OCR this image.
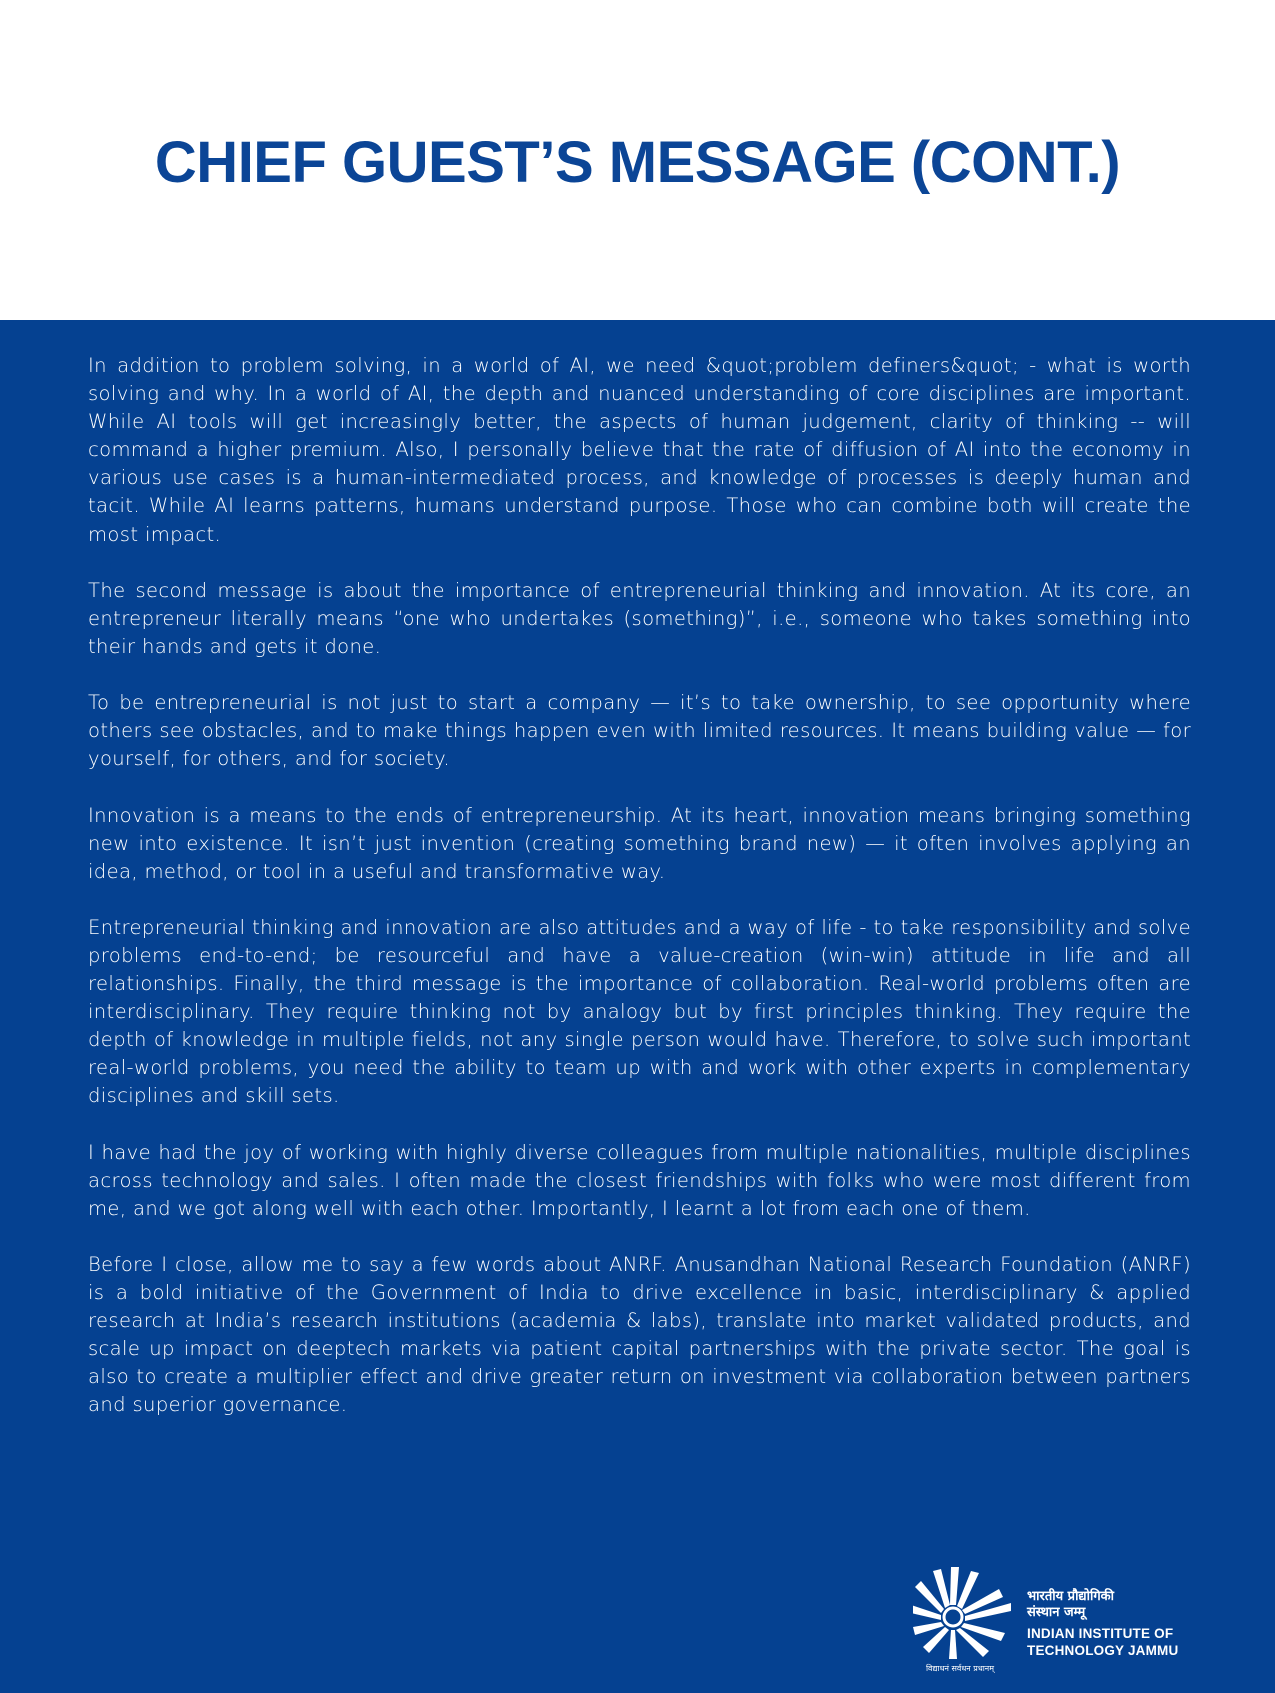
CHIEF GUEST’S MESSAGE (CONT.)

In addition to problem solving, in a world of AI, we need &quot;problem definers&quot; - what is worth solving and why. In a world of AI, the depth and nuanced understanding of core disciplines are important. While AI tools will get increasingly better, the aspects of human judgement, clarity of thinking -- will command a higher premium. Also, I personally believe that the rate of diffusion of AI into the economy in various use cases is a human-intermediated process, and knowledge of processes is deeply human and tacit. While AI learns patterns, humans understand purpose. Those who can combine both will create the most impact.

The second message is about the importance of entrepreneurial thinking and innovation. At its core, an entrepreneur literally means “one who undertakes (something)”, i.e., someone who takes something into their hands and gets it done.

To be entrepreneurial is not just to start a company — it’s to take ownership, to see opportunity where others see obstacles, and to make things happen even with limited resources. It means building value — for yourself, for others, and for society.

Innovation is a means to the ends of entrepreneurship. At its heart, innovation means bringing something new into existence. It isn’t just invention (creating something brand new) — it often involves applying an idea, method, or tool in a useful and transformative way.

Entrepreneurial thinking and innovation are also attitudes and a way of life - to take responsibility and solve problems end-to-end; be resourceful and have a value-creation (win-win) attitude in life and all relationships. Finally, the third message is the importance of collaboration. Real-world problems often are interdisciplinary. They require thinking not by analogy but by first principles thinking. They require the depth of knowledge in multiple fields, not any single person would have. Therefore, to solve such important real-world problems, you need the ability to team up with and work with other experts in complementary disciplines and skill sets.

I have had the joy of working with highly diverse colleagues from multiple nationalities, multiple disciplines across technology and sales. I often made the closest friendships with folks who were most different from me, and we got along well with each other. Importantly, I learnt a lot from each one of them.

Before I close, allow me to say a few words about ANRF. Anusandhan National Research Foundation (ANRF) is a bold initiative of the Government of India to drive excellence in basic, interdisciplinary & applied research at India’s research institutions (academia & labs), translate into market validated products, and scale up impact on deeptech markets via patient capital partnerships with the private sector. The goal is also to create a multiplier effect and drive greater return on investment via collaboration between partners and superior governance.

विद्याधनं सर्वधन प्रधानम्
भारतीय प्रौद्योगिकी
संस्थान जम्मू
INDIAN INSTITUTE OF
TECHNOLOGY JAMMU
